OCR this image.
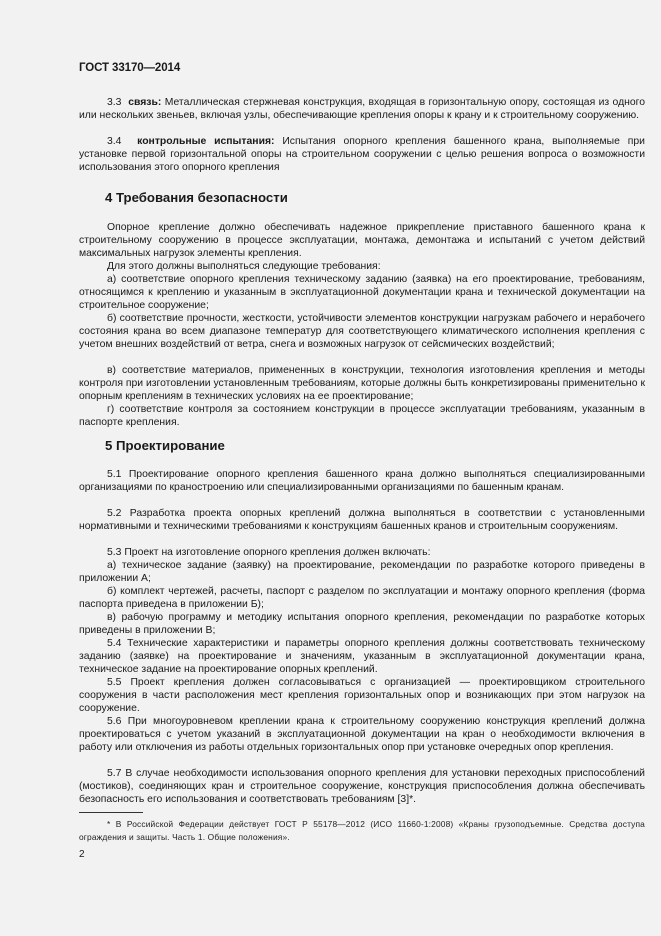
ГОСТ 33170—2014

3.3 связь: Металлическая стержневая конструкция, входящая в горизонтальную опору, состоящая из одного или нескольких звеньев, включая узлы, обеспечивающие крепления опоры к крану и к строительному сооружению.

3.4 контрольные испытания: Испытания опорного крепления башенного крана, выполняемые при установке первой горизонтальной опоры на строительном сооружении с целью решения вопроса о возможности использования этого опорного крепления

4 Требования безопасности

Опорное крепление должно обеспечивать надежное прикрепление приставного башенного крана к строительному сооружению в процессе эксплуатации, монтажа, демонтажа и испытаний с учетом действий максимальных нагрузок элементы крепления.

Для этого должны выполняться следующие требования:

а) соответствие опорного крепления техническому заданию (заявка) на его проектирование, требованиям, относящимся к креплению и указанным в эксплуатационной документации крана и технической документации на строительное сооружение;

б) соответствие прочности, жесткости, устойчивости элементов конструкции нагрузкам рабочего и нерабочего состояния крана во всем диапазоне температур для соответствующего климатического исполнения крепления с учетом внешних воздействий от ветра, снега и возможных нагрузок от сейсмических воздействий;

в) соответствие материалов, примененных в конструкции, технология изготовления крепления и методы контроля при изготовлении установленным требованиям, которые должны быть конкретизированы применительно к опорным креплениям в технических условиях на ее проектирование;

г) соответствие контроля за состоянием конструкции в процессе эксплуатации требованиям, указанным в паспорте крепления.

5 Проектирование

5.1 Проектирование опорного крепления башенного крана должно выполняться специализированными организациями по краностроению или специализированными организациями по башенным кранам.

5.2 Разработка проекта опорных креплений должна выполняться в соответствии с установленными нормативными и техническими требованиями к конструкциям башенных кранов и строительным сооружениям.

5.3 Проект на изготовление опорного крепления должен включать:

а) техническое задание (заявку) на проектирование, рекомендации по разработке которого приведены в приложении А;

б) комплект чертежей, расчеты, паспорт с разделом по эксплуатации и монтажу опорного крепления (форма паспорта приведена в приложении Б);

в) рабочую программу и методику испытания опорного крепления, рекомендации по разработке которых приведены в приложении В;

5.4 Технические характеристики и параметры опорного крепления должны соответствовать техническому заданию (заявке) на проектирование и значениям, указанным в эксплуатационной документации крана, техническое задание на проектирование опорных креплений.

5.5 Проект крепления должен согласовываться с организацией — проектировщиком строительного сооружения в части расположения мест крепления горизонтальных опор и возникающих при этом нагрузок на сооружение.

5.6 При многоуровневом креплении крана к строительному сооружению конструкция креплений должна проектироваться с учетом указаний в эксплуатационной документации на кран о необходимости включения в работу или отключения из работы отдельных горизонтальных опор при установке очередных опор крепления.

5.7 В случае необходимости использования опорного крепления для установки переходных приспособлений (мостиков), соединяющих кран и строительное сооружение, конструкция приспособления должна обеспечивать безопасность его использования и соответствовать требованиям [3]*.

* В Российской Федерации действует ГОСТ Р 55178—2012 (ИСО 11660-1:2008) «Краны грузоподъемные. Средства доступа ограждения и защиты. Часть 1. Общие положения».
2
